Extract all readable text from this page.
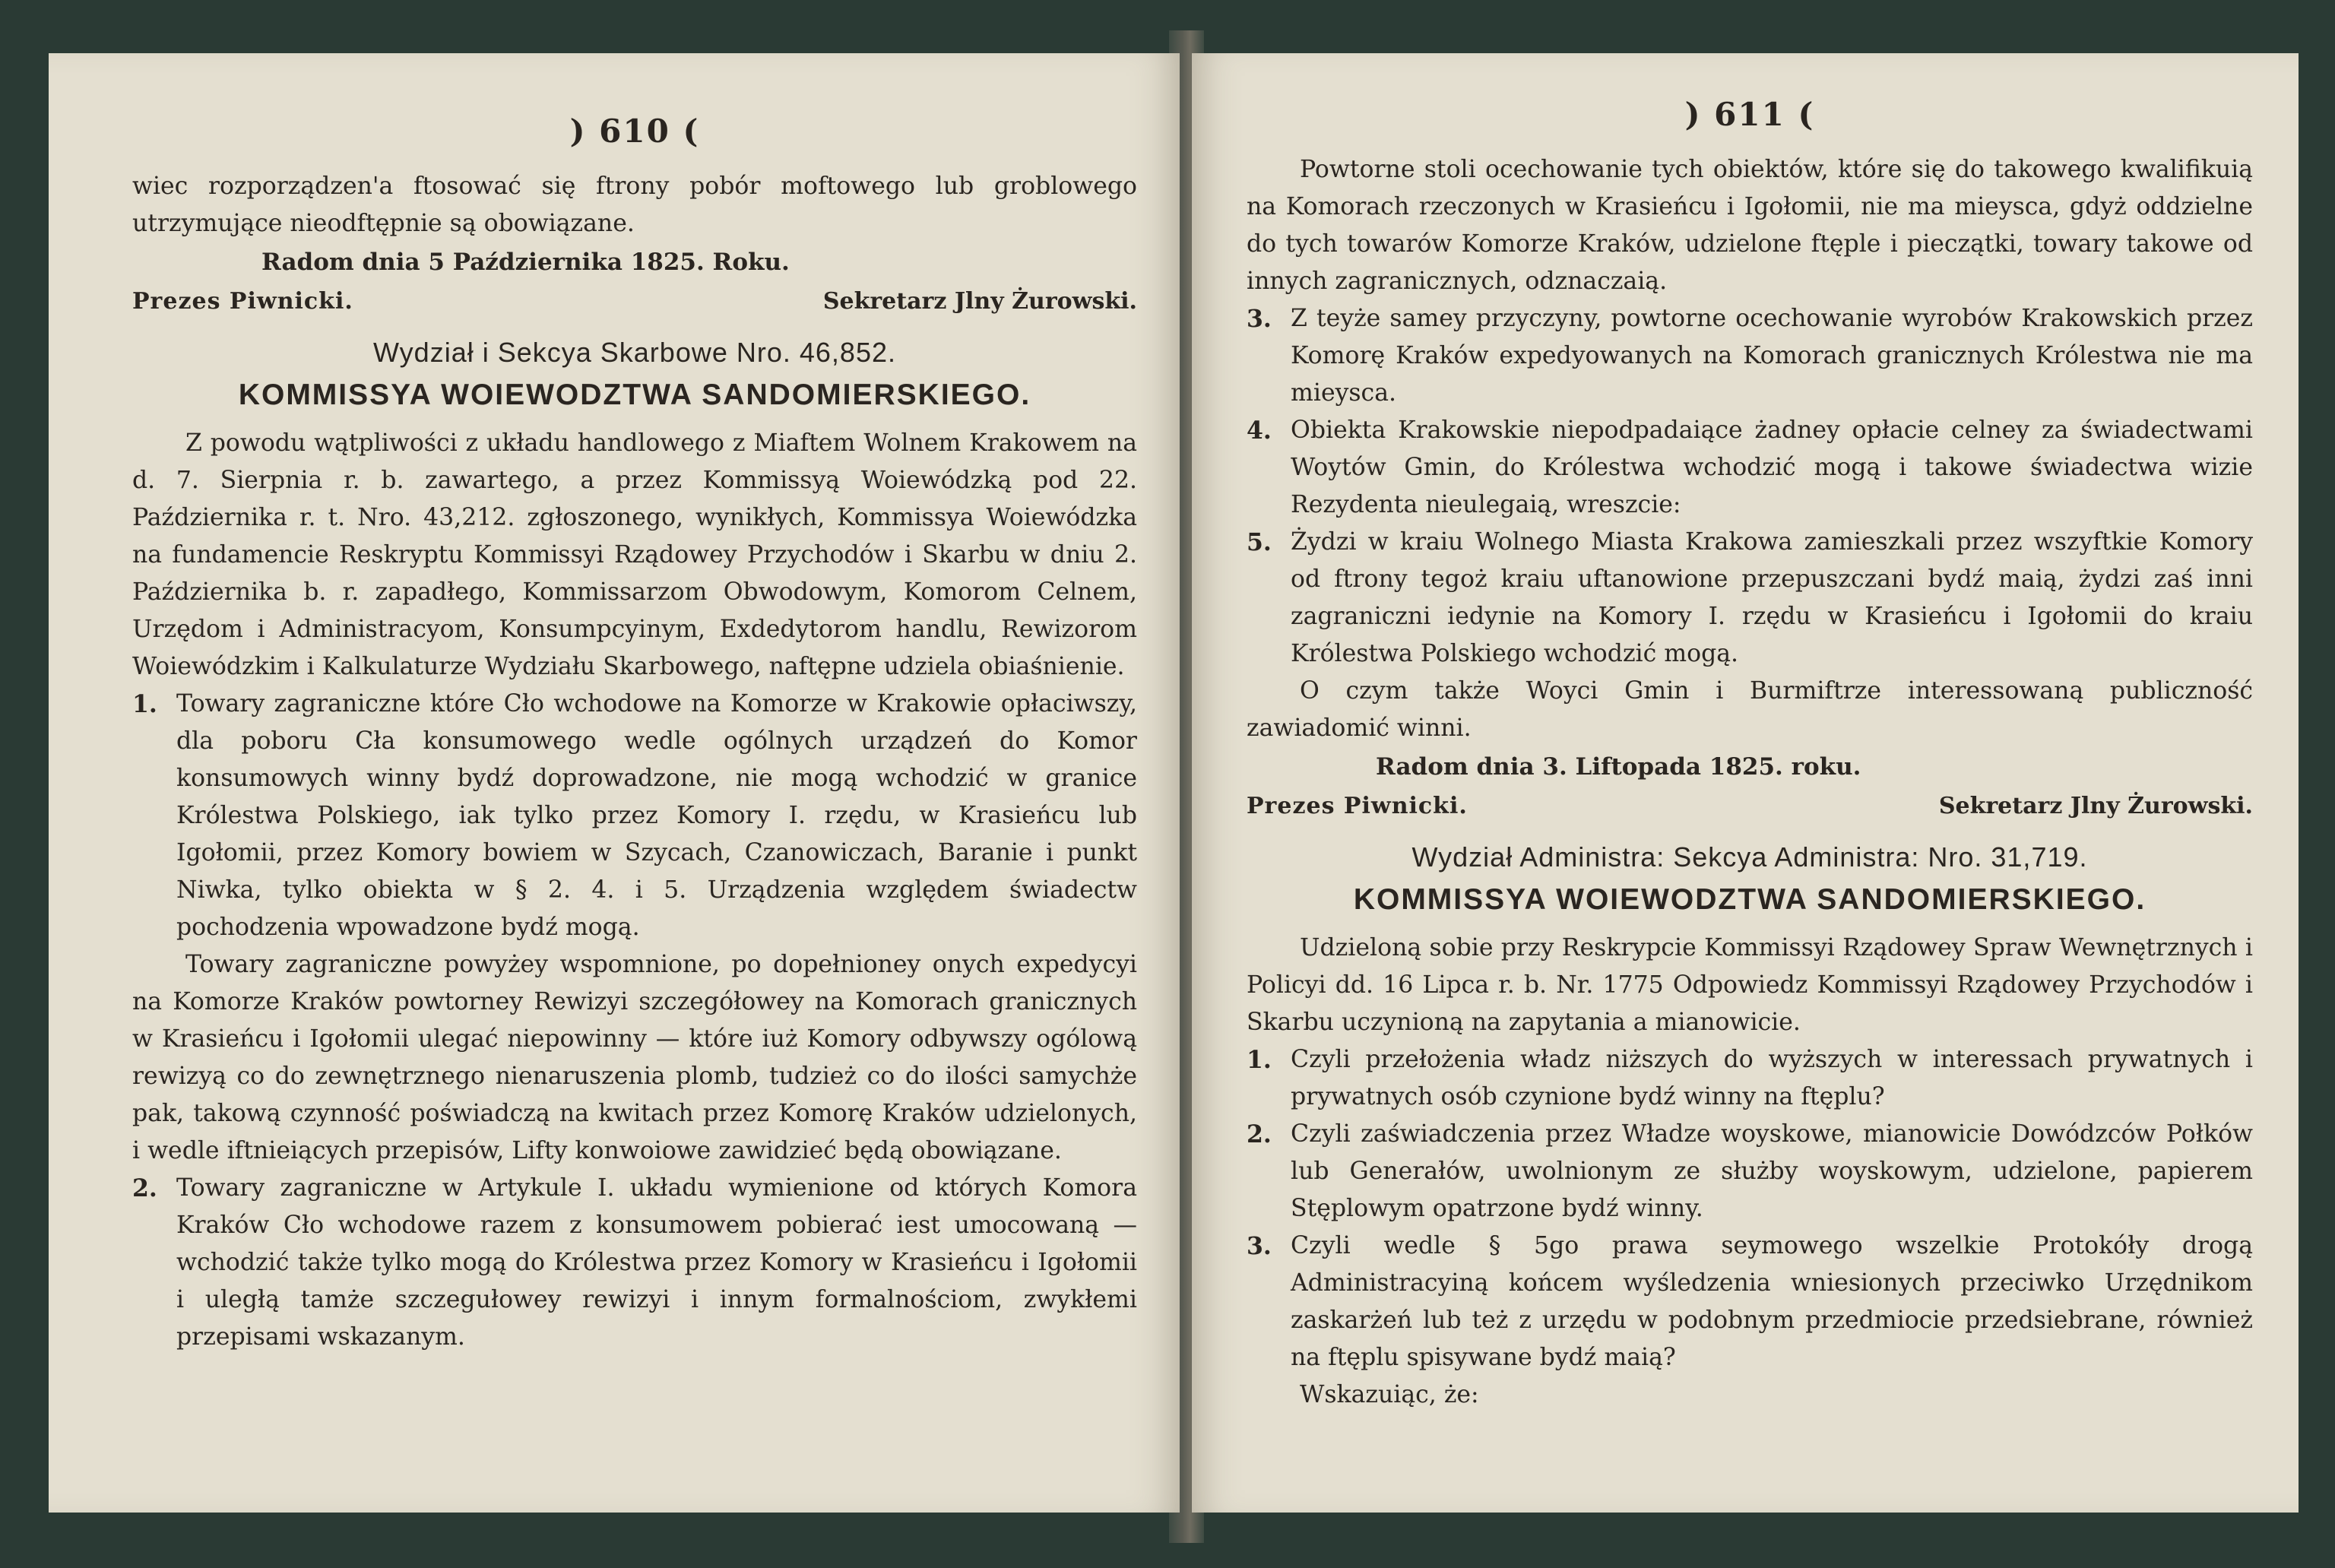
) 610 (

wiec rozporządzen'a ftosować się ftrony pobór moftowego lub groblowego utrzymujące nieodftępnie są obowiązane.

Radom dnia 5 Października 1825. Roku.

Prezes Piwnicki.	Sekretarz Jlny Żurowski.
Wydział i Sekcya Skarbowe Nro. 46,852.
KOMMISSYA WOIEWODZTWA SANDOMIERSKIEGO.

Z powodu wątpliwości z układu handlowego z Miaftem Wolnem Krakowem na d. 7. Sierpnia r. b. zawartego, a przez Kommissyą Woiewódzką pod 22. Października r. t. Nro. 43,212. zgłoszonego, wynikłych, Kommissya Woiewódzka na fundamencie Reskryptu Kommissyi Rządowey Przychodów i Skarbu w dniu 2. Października b. r. zapadłego, Kommissarzom Obwodowym, Komorom Celnem, Urzędom i Administracyom, Konsumpcyinym, Exdedytorom handlu, Rewizorom Woiewódzkim i Kalkulaturze Wydziału Skarbowego, naftępne udziela obiaśnienie.

1. Towary zagraniczne które Cło wchodowe na Komorze w Krakowie opłaciwszy, dla poboru Cła konsumowego wedle ogólnych urządzeń do Komor konsumowych winny bydź doprowadzone, nie mogą wchodzić w granice Królestwa Polskiego, iak tylko przez Komory I. rzędu, w Krasieńcu lub Igołomii, przez Komory bowiem w Szycach, Czanowiczach, Baranie i punkt Niwka, tylko obiekta w § 2. 4. i 5. Urządzenia względem świadectw pochodzenia wpowadzone bydź mogą.

Towary zagraniczne powyżey wspomnione, po dopełnioney onych expedycyi na Komorze Kraków powtorney Rewizyi szczegółowey na Komorach granicznych w Krasieńcu i Igołomii ulegać niepowinny — które iuż Komory odbywszy ogólową rewizyą co do zewnętrznego nienaruszenia plomb, tudzież co do ilości samychże pak, takową czynność poświadczą na kwitach przez Komorę Kraków udzielonych, i wedle iftnieiących przepisów, Lifty konwoiowe zawidzieć będą obowiązane.

2. Towary zagraniczne w Artykule I. układu wymienione od których Komora Kraków Cło wchodowe razem z konsumowem pobierać iest umocowaną — wchodzić także tylko mogą do Królestwa przez Komory w Krasieńcu i Igołomii i uległą tamże szczegułowey rewizyi i innym formalnościom, zwykłemi przepisami wskazanym.

) 611 (

Powtorne stoli ocechowanie tych obiektów, które się do takowego kwalifikuią na Komorach rzeczonych w Krasieńcu i Igołomii, nie ma mieysca, gdyż oddzielne do tych towarów Komorze Kraków, udzielone ftęple i pieczątki, towary takowe od innych zagranicznych, odznaczaią.

3. Z teyże samey przyczyny, powtorne ocechowanie wyrobów Krakowskich przez Komorę Kraków expedyowanych na Komorach granicznych Królestwa nie ma mieysca.

4. Obiekta Krakowskie niepodpadaiące żadney opłacie celney za świadectwami Woytów Gmin, do Królestwa wchodzić mogą i takowe świadectwa wizie Rezydenta nieulegaią, wreszcie:

5. Żydzi w kraiu Wolnego Miasta Krakowa zamieszkali przez wszyftkie Komory od ftrony tegoż kraiu uftanowione przepuszczani bydź maią, żydzi zaś inni zagraniczni iedynie na Komory I. rzędu w Krasieńcu i Igołomii do kraiu Królestwa Polskiego wchodzić mogą.

O czym także Woyci Gmin i Burmiftrze interessowaną publiczność zawiadomić winni.

Radom dnia 3. Liftopada 1825. roku.

Prezes Piwnicki.	Sekretarz Jlny Żurowski.
Wydział Administra: Sekcya Administra: Nro. 31,719.
KOMMISSYA WOIEWODZTWA SANDOMIERSKIEGO.

Udzieloną sobie przy Reskrypcie Kommissyi Rządowey Spraw Wewnętrznych i Policyi dd. 16 Lipca r. b. Nr. 1775 Odpowiedz Kommissyi Rządowey Przychodów i Skarbu uczynioną na zapytania a mianowicie.

1. Czyli przełożenia władz niższych do wyższych w interessach prywatnych i prywatnych osób czynione bydź winny na ftęplu?

2. Czyli zaświadczenia przez Władze woyskowe, mianowicie Dowódzców Połków lub Generałów, uwolnionym ze służby woyskowym, udzielone, papierem Stęplowym opatrzone bydź winny.

3. Czyli wedle § 5go prawa seymowego wszelkie Protokóły drogą Administracyiną końcem wyśledzenia wniesionych przeciwko Urzędnikom zaskarżeń lub też z urzędu w podobnym przedmiocie przedsiebrane, również na ftęplu spisywane bydź maią?

Wskazuiąc, że:
